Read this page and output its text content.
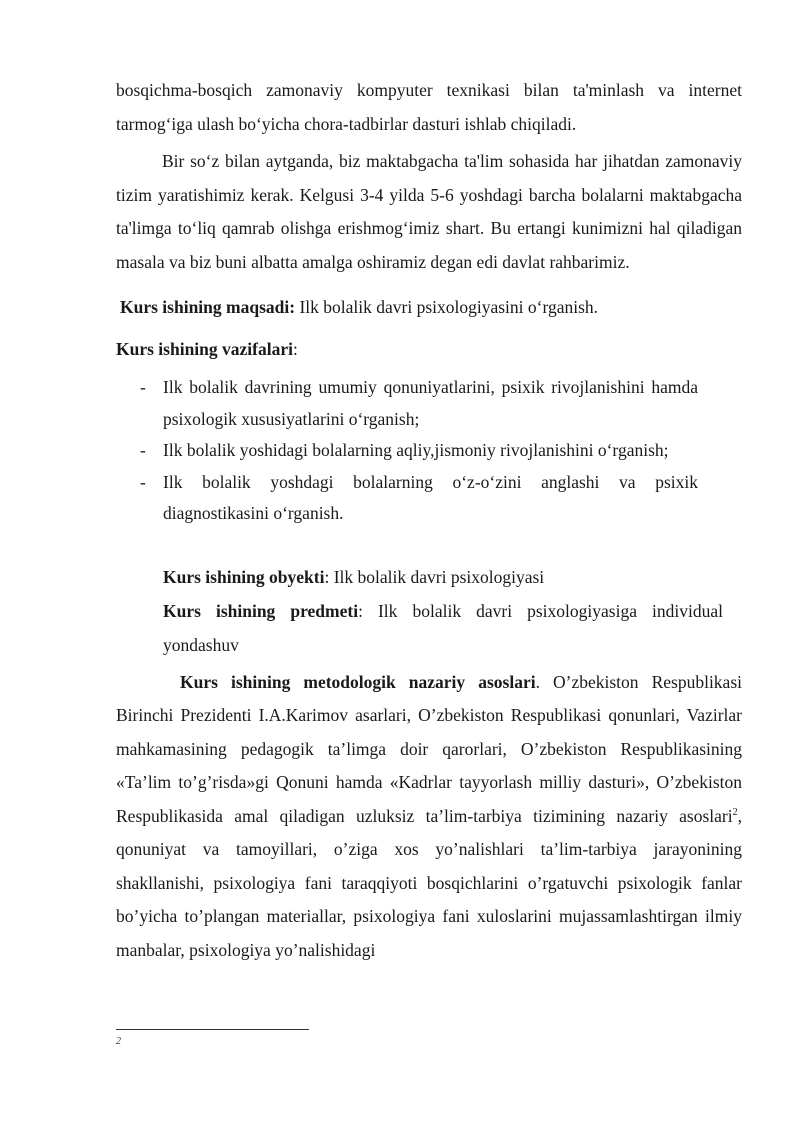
bosqichma-bosqich zamonaviy kompyuter texnikasi bilan ta'minlash va internet tarmog‘iga ulash bo‘yicha chora-tadbirlar dasturi ishlab chiqiladi.

Bir so‘z bilan aytganda, biz maktabgacha ta'lim sohasida har jihatdan zamonaviy tizim yaratishimiz kerak. Kelgusi 3-4 yilda 5-6 yoshdagi barcha bolalarni maktabgacha ta'limga to‘liq qamrab olishga erishmog‘imiz shart. Bu ertangi kunimizni hal qiladigan masala va biz buni albatta amalga oshiramiz degan edi davlat rahbarimiz.

Kurs ishining maqsadi: Ilk bolalik davri psixologiyasini o‘rganish.

Kurs ishining vazifalari:

- Ilk bolalik davrining umumiy qonuniyatlarini, psixik rivojlanishini hamda psixologik xususiyatlarini o‘rganish;
- Ilk bolalik yoshidagi bolalarning aqliy,jismoniy rivojlanishini o‘rganish;
- Ilk bolalik yoshdagi bolalarning o‘z-o‘zini anglashi va psixik diagnostikasini o‘rganish.

Kurs ishining obyekti: Ilk bolalik davri psixologiyasi

Kurs ishining predmeti: Ilk bolalik davri psixologiyasiga individual yondashuv

Kurs ishining metodologik nazariy asoslari. O’zbekiston Respublikasi Birinchi Prezidenti I.A.Karimov asarlari, O’zbekiston Respublikasi qonunlari, Vazirlar mahkamasining pedagogik ta’limga doir qarorlari, O’zbekiston Respublikasining «Ta’lim to’g’risda»gi Qonuni hamda «Kadrlar tayyorlash milliy dasturi», O’zbekiston Respublikasida amal qiladigan uzluksiz ta’lim-tarbiya tizimining nazariy asoslari$^2$, qonuniyat va tamoyillari, o’ziga xos yo’nalishlari ta’lim-tarbiya jarayonining shakllanishi, psixologiya fani taraqqiyoti bosqichlarini o’rgatuvchi psixologik fanlar bo’yicha to’plangan materiallar, psixologiya fani xuloslarini mujassamlashtirgan ilmiy manbalar, psixologiya yo’nalishidagi

2
